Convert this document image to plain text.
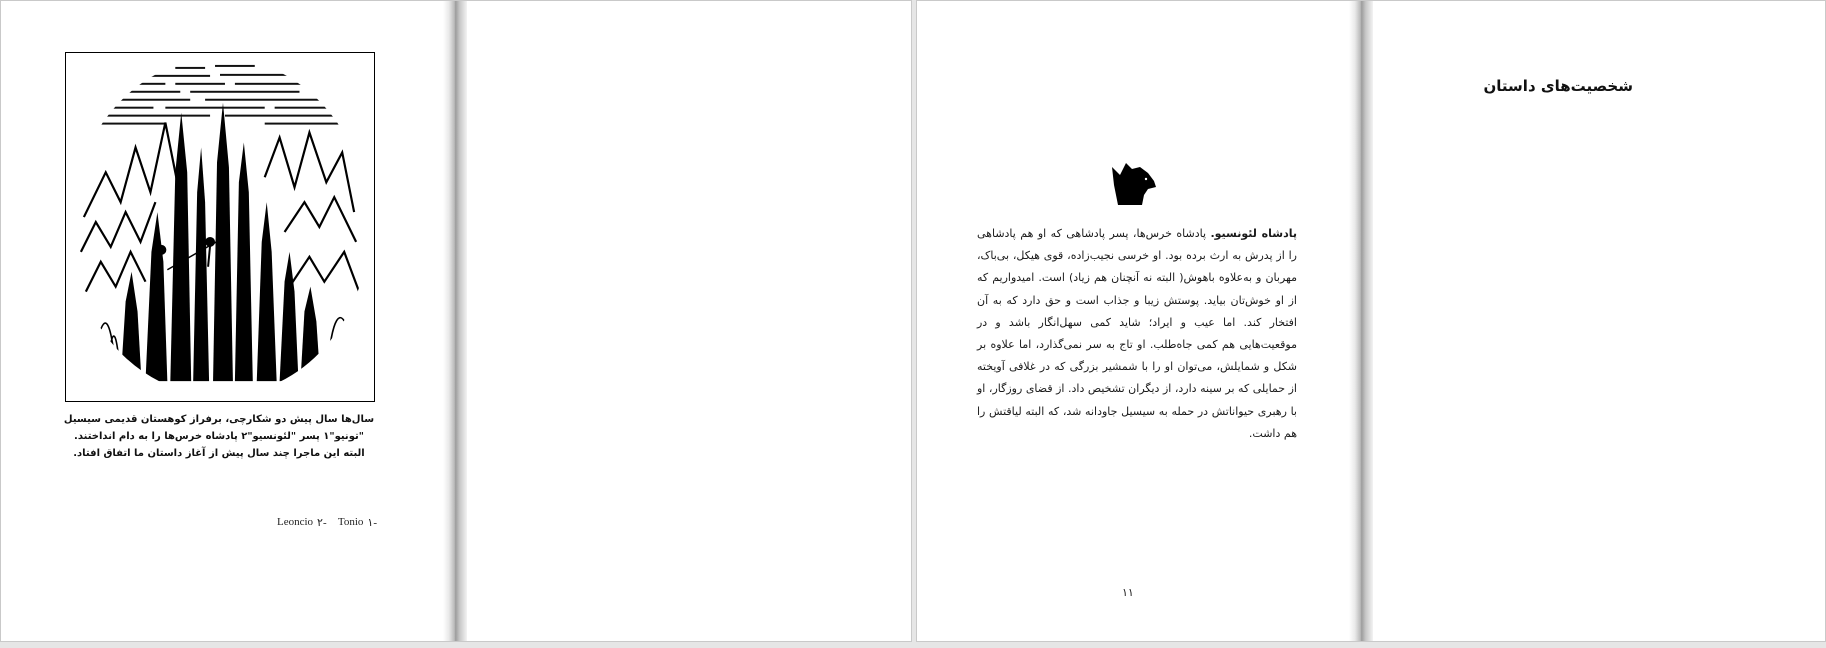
سال‌ها سال پیش دو شکارچی، برفراز کوهستان قدیمی سیسیل "تونیو"۱ پسر "لئونسیو"۲ پادشاه خرس‌ها را به دام انداختند. البته این ماجرا چند سال پیش از آغاز داستان ما اتفاق افتاد.
Leoncio ۲- Tonio ۱-
شخصیت‌های داستان
پادشاه لئونسیو. پادشاه خرس‌ها، پسر پادشاهی که او هم پادشاهی را از پدرش به ارث برده بود. او خرسی نجیب‌زاده، قوی هیکل، بی‌باک، مهربان و به‌علاوه باهوش( البته نه آنچنان هم زیاد) است. امیدواریم که از او خوش‌تان بیاید. پوستش زیبا و جذاب است و حق دارد که به آن افتخار کند. اما عیب و ایراد؛ شاید کمی سهل‌انگار باشد و در موقعیت‌هایی هم کمی جاه‌طلب. او تاج به سر نمی‌گذارد، اما علاوه بر شکل و شمایلش، می‌توان او را با شمشیر بزرگی که در غلافی آویخته از حمایلی که بر سینه دارد، از دیگران تشخیص داد. از قضای روزگار، او با رهبری حیواناتش در حمله به سیسیل جاودانه شد، که البته لیاقتش را هم داشت.
۱۱
